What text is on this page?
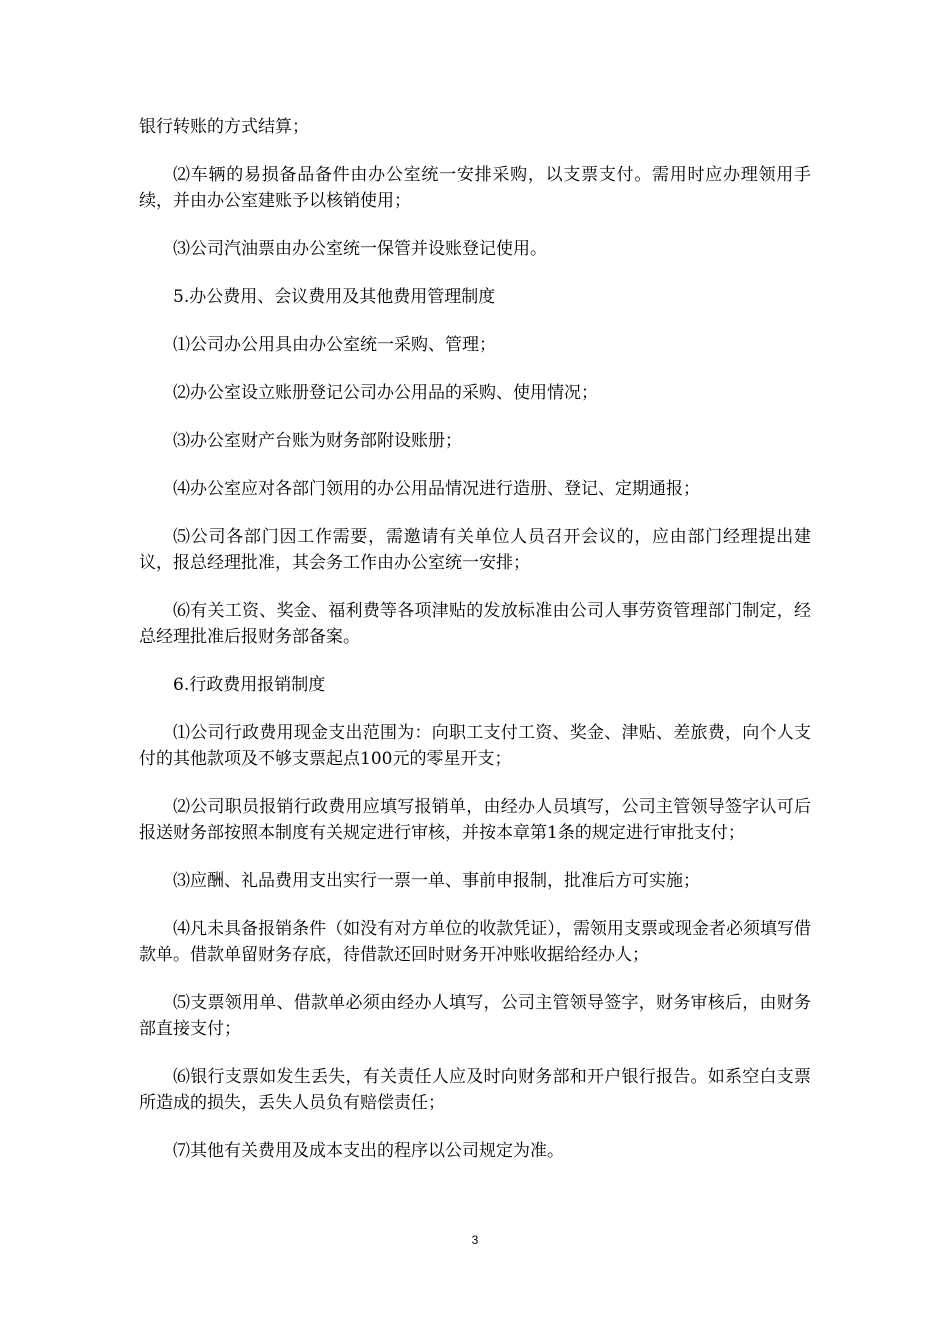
银行转账的方式结算；

⑵车辆的易损备品备件由办公室统一安排采购，以支票支付。需用时应办理领用手续，并由办公室建账予以核销使用；

⑶公司汽油票由办公室统一保管并设账登记使用。

5.办公费用、会议费用及其他费用管理制度

⑴公司办公用具由办公室统一采购、管理；

⑵办公室设立账册登记公司办公用品的采购、使用情况；

⑶办公室财产台账为财务部附设账册；

⑷办公室应对各部门领用的办公用品情况进行造册、登记、定期通报；

⑸公司各部门因工作需要，需邀请有关单位人员召开会议的，应由部门经理提出建议，报总经理批准，其会务工作由办公室统一安排；

⑹有关工资、奖金、福利费等各项津贴的发放标准由公司人事劳资管理部门制定，经总经理批准后报财务部备案。

6.行政费用报销制度

⑴公司行政费用现金支出范围为：向职工支付工资、奖金、津贴、差旅费，向个人支付的其他款项及不够支票起点100元的零星开支；

⑵公司职员报销行政费用应填写报销单，由经办人员填写，公司主管领导签字认可后报送财务部按照本制度有关规定进行审核，并按本章第1条的规定进行审批支付；

⑶应酬、礼品费用支出实行一票一单、事前申报制，批准后方可实施；

⑷凡未具备报销条件（如没有对方单位的收款凭证），需领用支票或现金者必须填写借款单。借款单留财务存底，待借款还回时财务开冲账收据给经办人；

⑸支票领用单、借款单必须由经办人填写，公司主管领导签字，财务审核后，由财务部直接支付；

⑹银行支票如发生丢失，有关责任人应及时向财务部和开户银行报告。如系空白支票所造成的损失，丢失人员负有赔偿责任；

⑺其他有关费用及成本支出的程序以公司规定为准。

3
